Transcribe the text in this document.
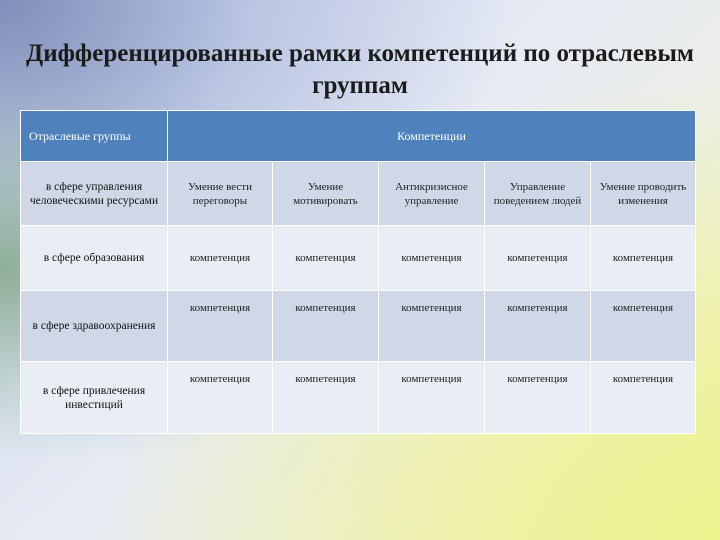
Дифференцированные рамки компетенций по отраслевым группам
Отраслевые группы	Компетенции				
в сфере управления человеческими ресурсами	Умение вести переговоры	Умение мотивировать	Антикризисное управление	Управление поведением людей	Умение проводить изменения
в сфере образования	компетенция	компетенция	компетенция	компетенция	компетенция
в сфере здравоохранения	компетенция	компетенция	компетенция	компетенция	компетенция
в сфере привлечения инвестиций	компетенция	компетенция	компетенция	компетенция	компетенция
